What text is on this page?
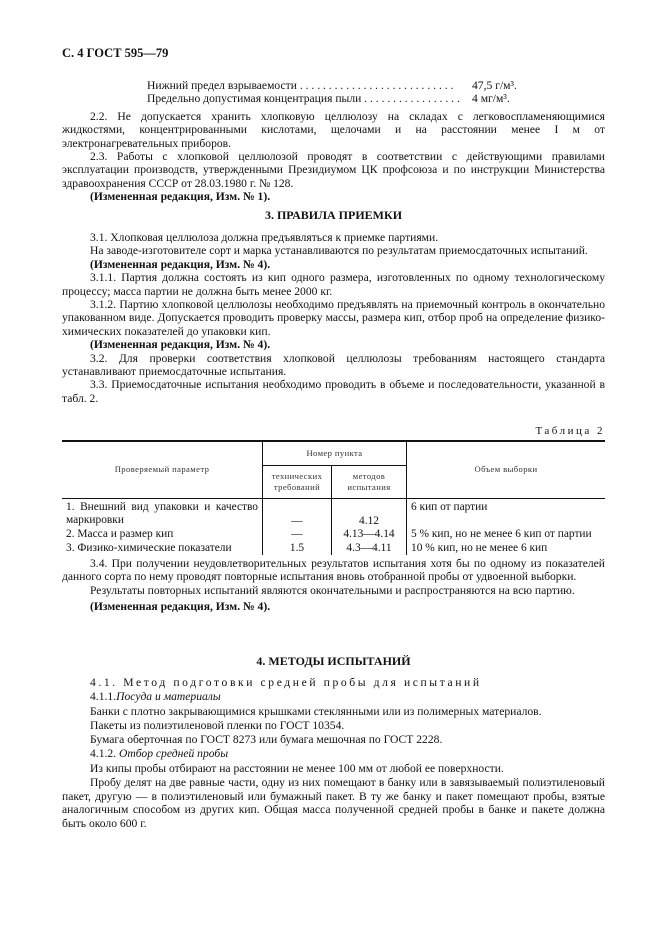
С. 4 ГОСТ 595—79
Нижний предел взрываемости . . . . . . . . . . . . . . . . . . . . . . . . . . .	47,5 г/м³.
Предельно допустимая концентрация пыли . . . . . . . . . . . . . . . . .	4 мг/м³.

2.2. Не допускается хранить хлопковую целлюлозу на складах с легковоспламеняющимися жидкостями, концентрированными кислотами, щелочами и на расстоянии менее I м от электронагревательных приборов.

2.3. Работы с хлопковой целлюлозой проводят в соответствии с действующими правилами эксплуатации производств, утвержденными Президиумом ЦК профсоюза и по инструкции Министерства здравоохранения СССР от 28.03.1980 г. № 128.

(Измененная редакция, Изм. № 1).

3. ПРАВИЛА ПРИЕМКИ

3.1. Хлопковая целлюлоза должна предъявляться к приемке партиями.

На заводе-изготовителе сорт и марка устанавливаются по результатам приемосдаточных испытаний.

(Измененная редакция, Изм. № 4).

3.1.1. Партия должна состоять из кип одного размера, изготовленных по одному технологическому процессу; масса партии не должна быть менее 2000 кг.

3.1.2. Партию хлопковой целлюлозы необходимо предъявлять на приемочный контроль в окончательно упакованном виде. Допускается проводить проверку массы, размера кип, отбор проб на определение физико-химических показателей до упаковки кип.

(Измененная редакция, Изм. № 4).

3.2. Для проверки соответствия хлопковой целлюлозы требованиям настоящего стандарта устанавливают приемосдаточные испытания.

3.3. Приемосдаточные испытания необходимо проводить в объеме и последовательности, указанной в табл. 2.

Таблица 2
Проверяемый параметр	Номер пункта		Объем выборки
	технических требований	методов испытания	
1. Внешний вид упаковки и качество маркировки	—	4.12	6 кип от партии
2. Масса и размер кип	—	4.13—4.14	5 % кип, но не менее 6 кип от партии
3. Физико-химические показатели	1.5	4.3—4.11	10 % кип, но не менее 6 кип

3.4. При получении неудовлетворительных результатов испытания хотя бы по одному из показателей данного сорта по нему проводят повторные испытания вновь отобранной пробы от удвоенной выборки.

Результаты повторных испытаний являются окончательными и распространяются на всю партию.

(Измененная редакция, Изм. № 4).

4. МЕТОДЫ ИСПЫТАНИЙ

4.1. Метод подготовки средней пробы для испытаний

4.1.1.Посуда и материалы

Банки с плотно закрывающимися крышками стеклянными или из полимерных материалов.

Пакеты из полиэтиленовой пленки по ГОСТ 10354.

Бумага оберточная по ГОСТ 8273 или бумага мешочная по ГОСТ 2228.

4.1.2. Отбор средней пробы

Из кипы пробы отбирают на расстоянии не менее 100 мм от любой ее поверхности.

Пробу делят на две равные части, одну из них помещают в банку или в завязываемый полиэтиленовый пакет, другую — в полиэтиленовый или бумажный пакет. В ту же банку и пакет помещают пробы, взятые аналогичным способом из других кип. Общая масса полученной средней пробы в банке и пакете должна быть около 600 г.
